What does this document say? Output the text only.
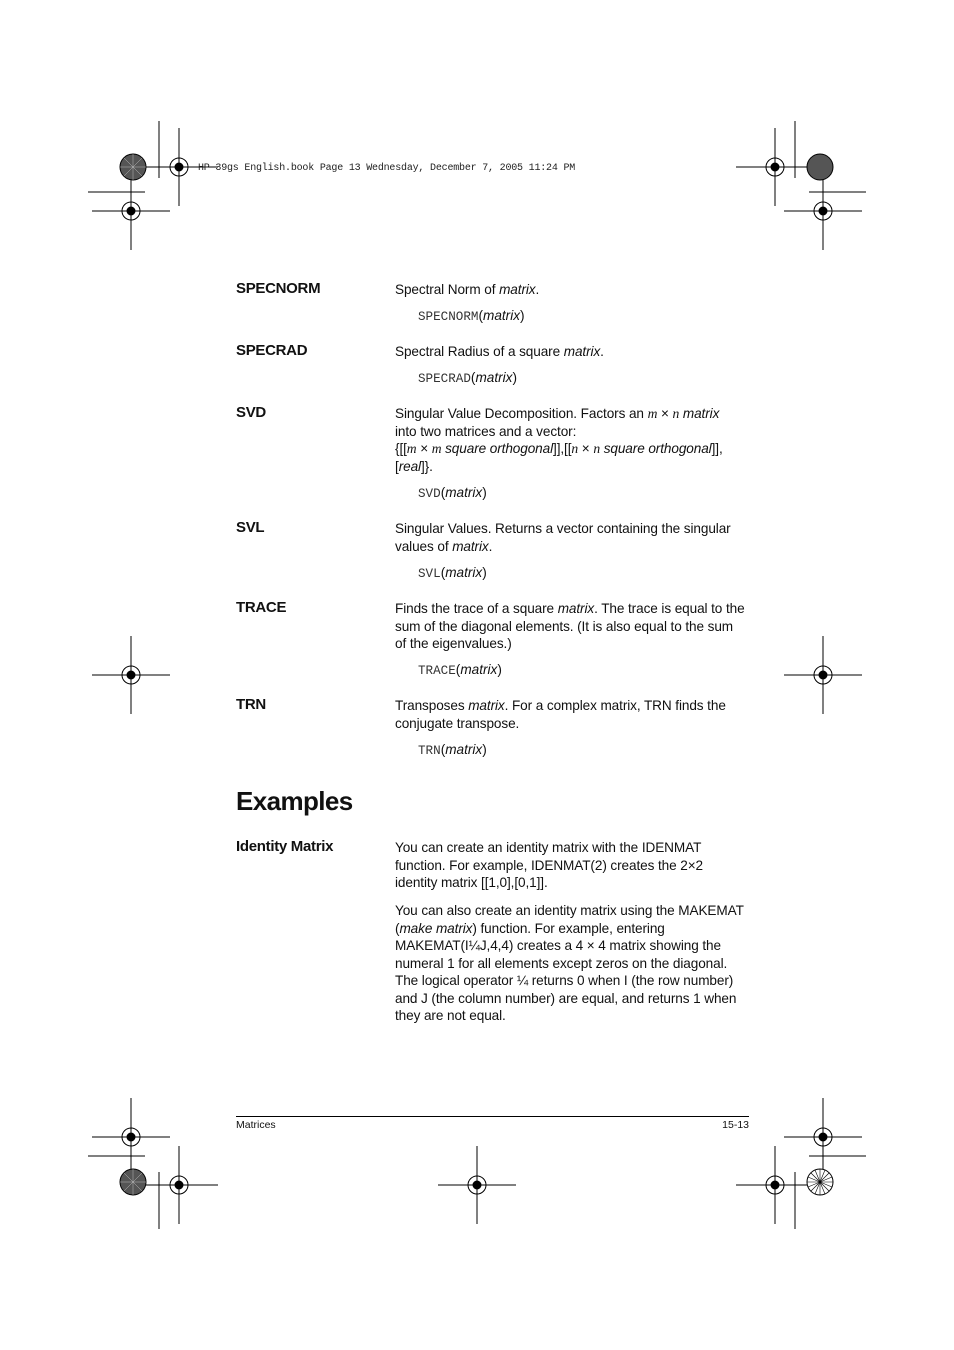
HP 39gs English.book Page 13 Wednesday, December 7, 2005 11:24 PM
SPECNORM	Spectral Norm of matrix.
SPECNORM(matrix)
SPECRAD	Spectral Radius of a square matrix.
SPECRAD(matrix)
SVD	Singular Value Decomposition. Factors an m × n matrix
into two matrices and a vector:
{[[m × m square orthogonal]],[[n × n square orthogonal]],
[real]}.
SVD(matrix)
SVL	Singular Values. Returns a vector containing the singular values of matrix.
SVL(matrix)
TRACE	Finds the trace of a square matrix. The trace is equal to the sum of the diagonal elements. (It is also equal to the sum of the eigenvalues.)
TRACE(matrix)
TRN	Transposes matrix. For a complex matrix, TRN finds the conjugate transpose.
TRN(matrix)
Examples
Identity Matrix	You can create an identity matrix with the IDENMAT function. For example, IDENMAT(2) creates the 2×2 identity matrix [[1,0],[0,1]].

You can also create an identity matrix using the MAKEMAT (make matrix) function. For example, entering MAKEMAT(I¼J,4,4) creates a 4 × 4 matrix showing the numeral 1 for all elements except zeros on the diagonal. The logical operator ¼ returns 0 when I (the row number) and J (the column number) are equal, and returns 1 when they are not equal.

Matrices	15-13
